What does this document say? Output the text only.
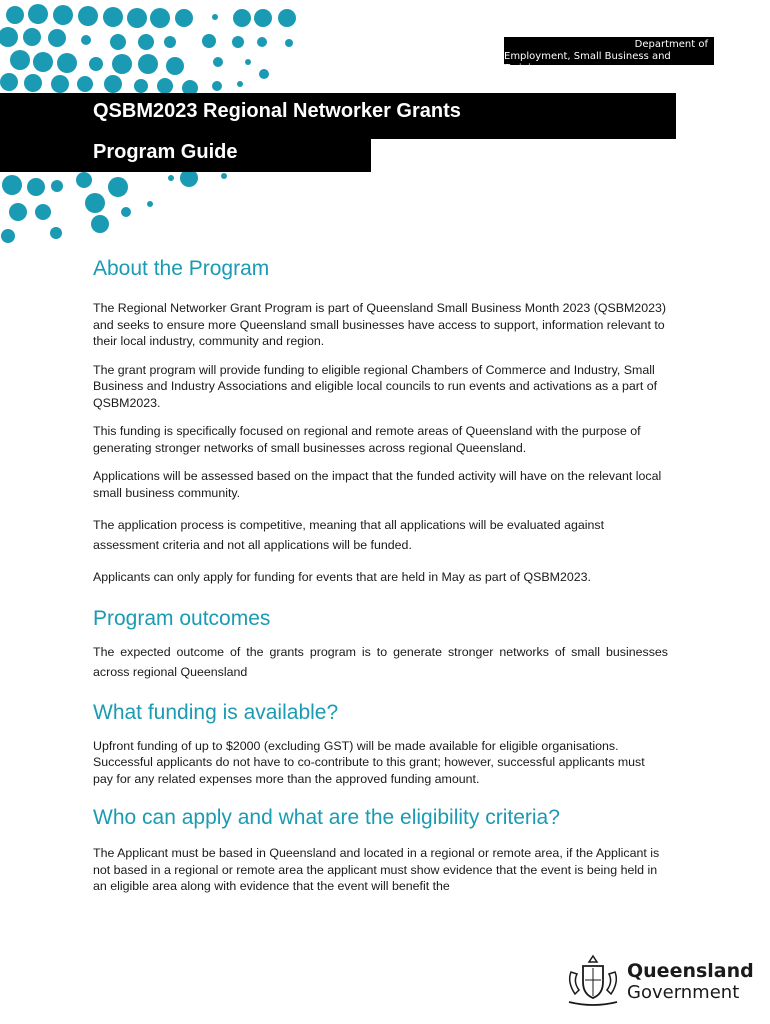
Department of
Employment, Small Business and Training
QSBM2023 Regional Networker Grants
Program Guide
About the Program

The Regional Networker Grant Program is part of Queensland Small Business Month 2023 (QSBM2023) and seeks to ensure more Queensland small businesses have access to support, information relevant to their local industry, community and region.

The grant program will provide funding to eligible regional Chambers of Commerce and Industry, Small Business and Industry Associations and eligible local councils to run events and activations as a part of QSBM2023.

This funding is specifically focused on regional and remote areas of Queensland with the purpose of generating stronger networks of small businesses across regional Queensland.

Applications will be assessed based on the impact that the funded activity will have on the relevant local small business community.

The application process is competitive, meaning that all applications will be evaluated against assessment criteria and not all applications will be funded.

Applicants can only apply for funding for events that are held in May as part of QSBM2023.

Program outcomes

The expected outcome of the grants program is to generate stronger networks of small businesses across regional Queensland

What funding is available?

Upfront funding of up to $2000 (excluding GST) will be made available for eligible organisations. Successful applicants do not have to co-contribute to this grant; however, successful applicants must pay for any related expenses more than the approved funding amount.

Who can apply and what are the eligibility criteria?

The Applicant must be based in Queensland and located in a regional or remote area, if the Applicant is not based in a regional or remote area the applicant must show evidence that the event is being held in an eligible area along with evidence that the event will benefit the

Queensland
Government
